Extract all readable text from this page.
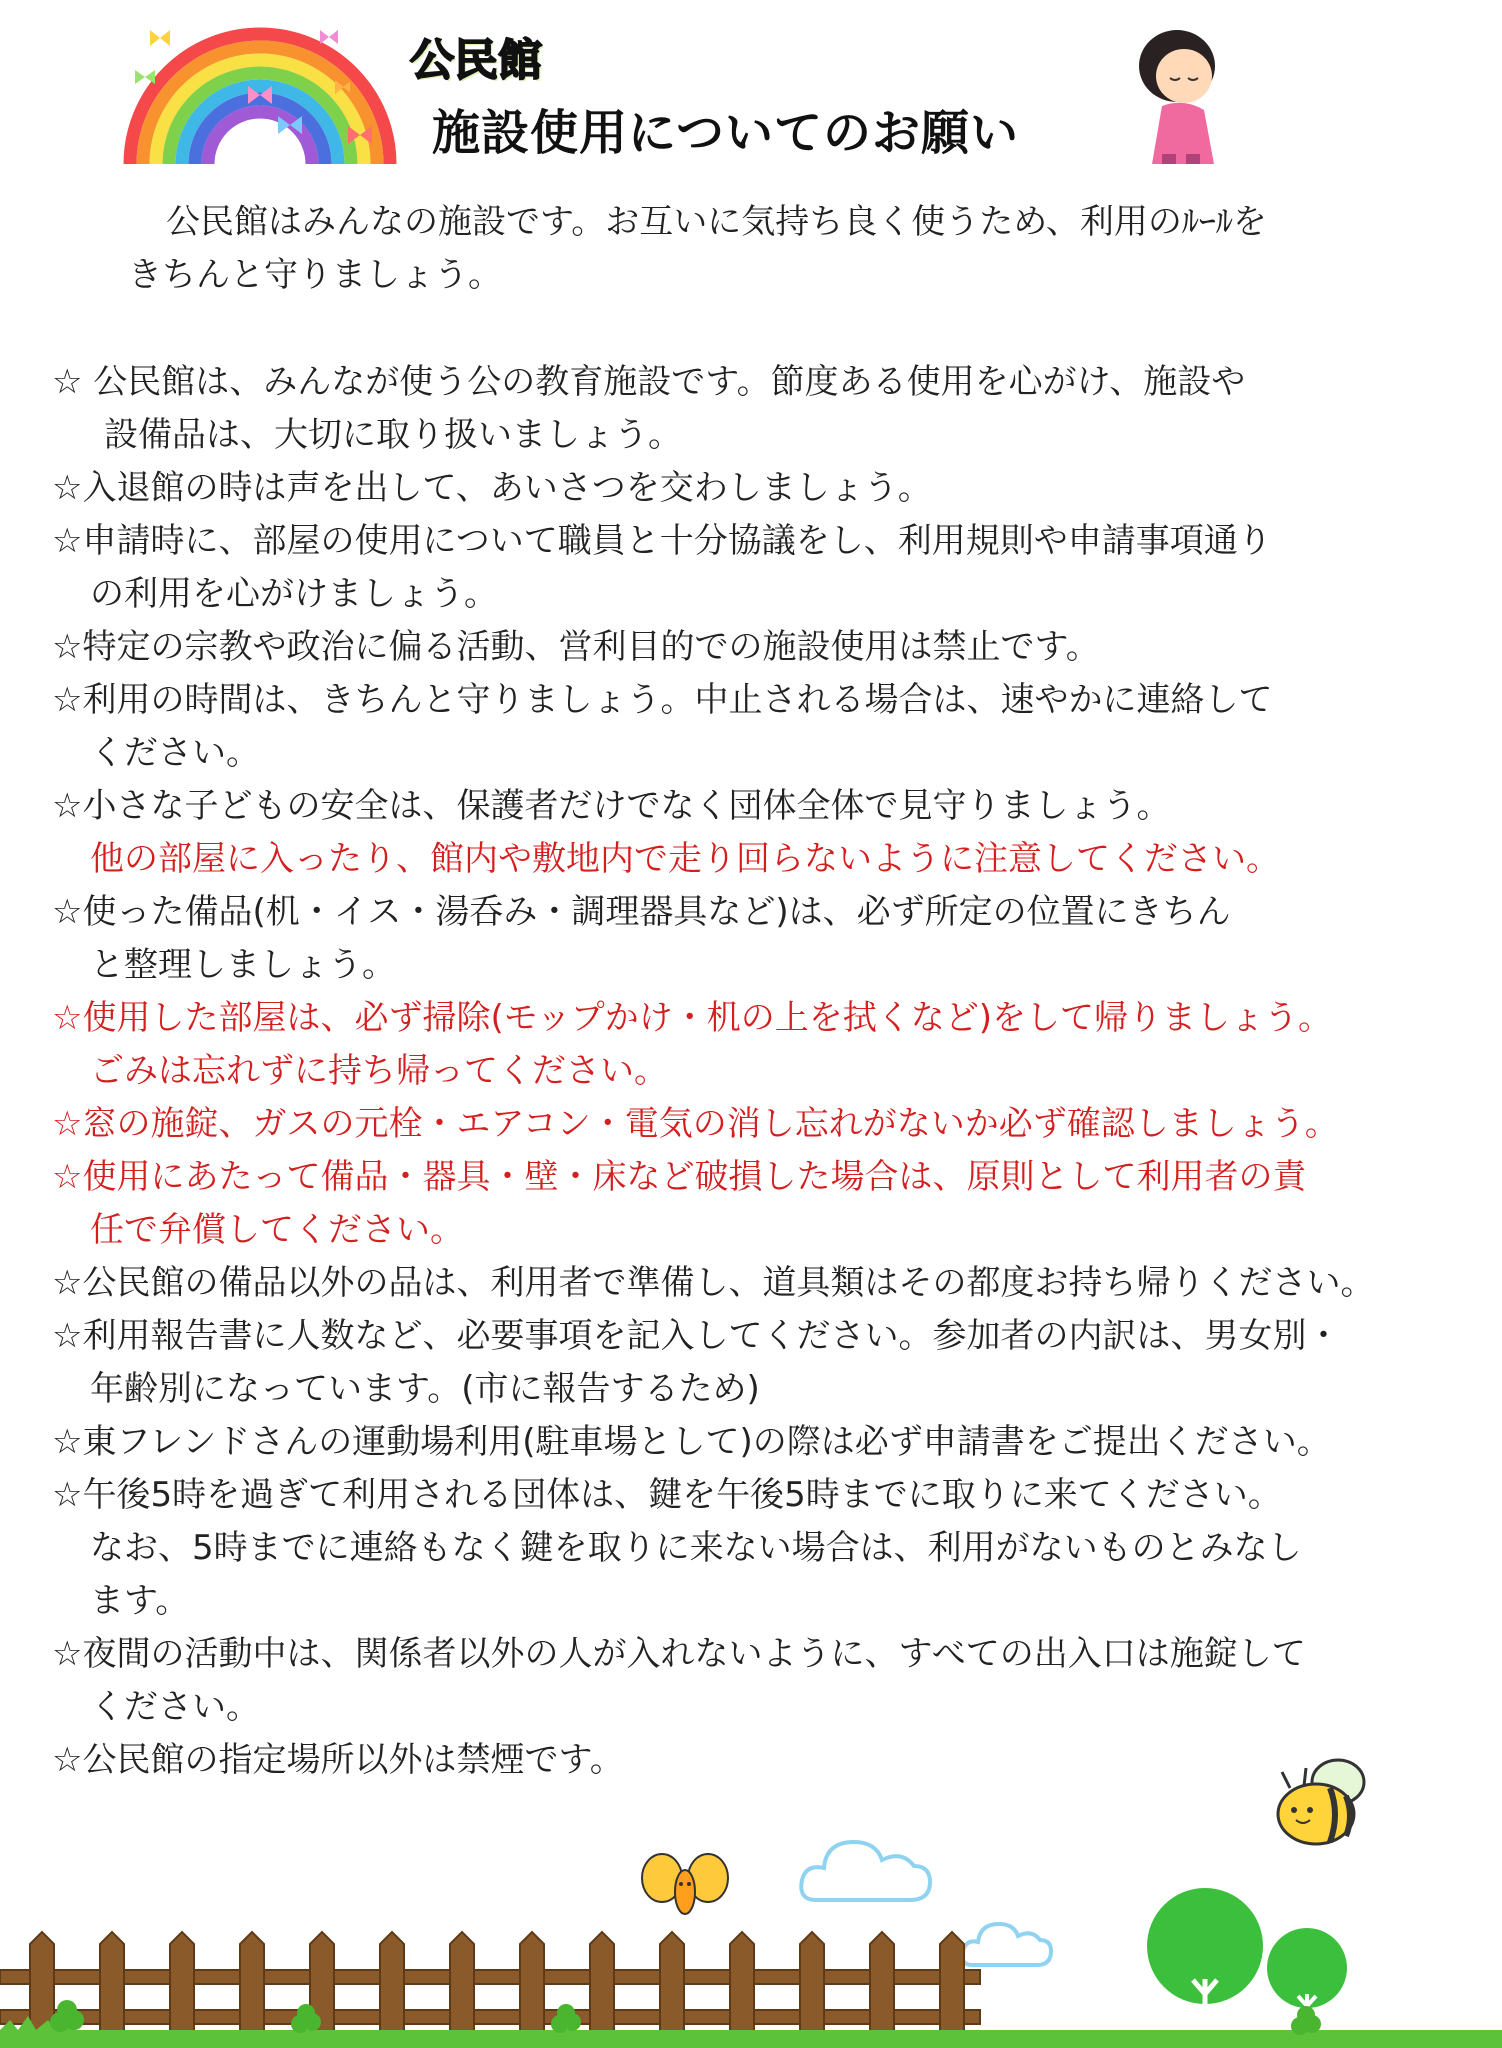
公民館
施設使用についてのお願い
公民館はみんなの施設です。お互いに気持ち良く使うため、利用のﾙｰﾙを
きちんと守りましょう。
☆ 公民館は、みんなが使う公の教育施設です。節度ある使用を心がけ、施設や
設備品は、大切に取り扱いましょう。
☆入退館の時は声を出して、あいさつを交わしましょう。
☆申請時に、部屋の使用について職員と十分協議をし、利用規則や申請事項通り
の利用を心がけましょう。
☆特定の宗教や政治に偏る活動、営利目的での施設使用は禁止です。
☆利用の時間は、きちんと守りましょう。中止される場合は、速やかに連絡して
ください。
☆小さな子どもの安全は、保護者だけでなく団体全体で見守りましょう。
他の部屋に入ったり、館内や敷地内で走り回らないように注意してください。
☆使った備品(机・イス・湯呑み・調理器具など)は、必ず所定の位置にきちん
と整理しましょう。
☆使用した部屋は、必ず掃除(モップかけ・机の上を拭くなど)をして帰りましょう。
ごみは忘れずに持ち帰ってください。
☆窓の施錠、ガスの元栓・エアコン・電気の消し忘れがないか必ず確認しましょう。
☆使用にあたって備品・器具・壁・床など破損した場合は、原則として利用者の責
任で弁償してください。
☆公民館の備品以外の品は、利用者で準備し、道具類はその都度お持ち帰りください。
☆利用報告書に人数など、必要事項を記入してください。参加者の内訳は、男女別・
年齢別になっています。(市に報告するため)
☆東フレンドさんの運動場利用(駐車場として)の際は必ず申請書をご提出ください。
☆午後5時を過ぎて利用される団体は、鍵を午後5時までに取りに来てください。
なお、5時までに連絡もなく鍵を取りに来ない場合は、利用がないものとみなし
ます。
☆夜間の活動中は、関係者以外の人が入れないように、すべての出入口は施錠して
ください。
☆公民館の指定場所以外は禁煙です。
